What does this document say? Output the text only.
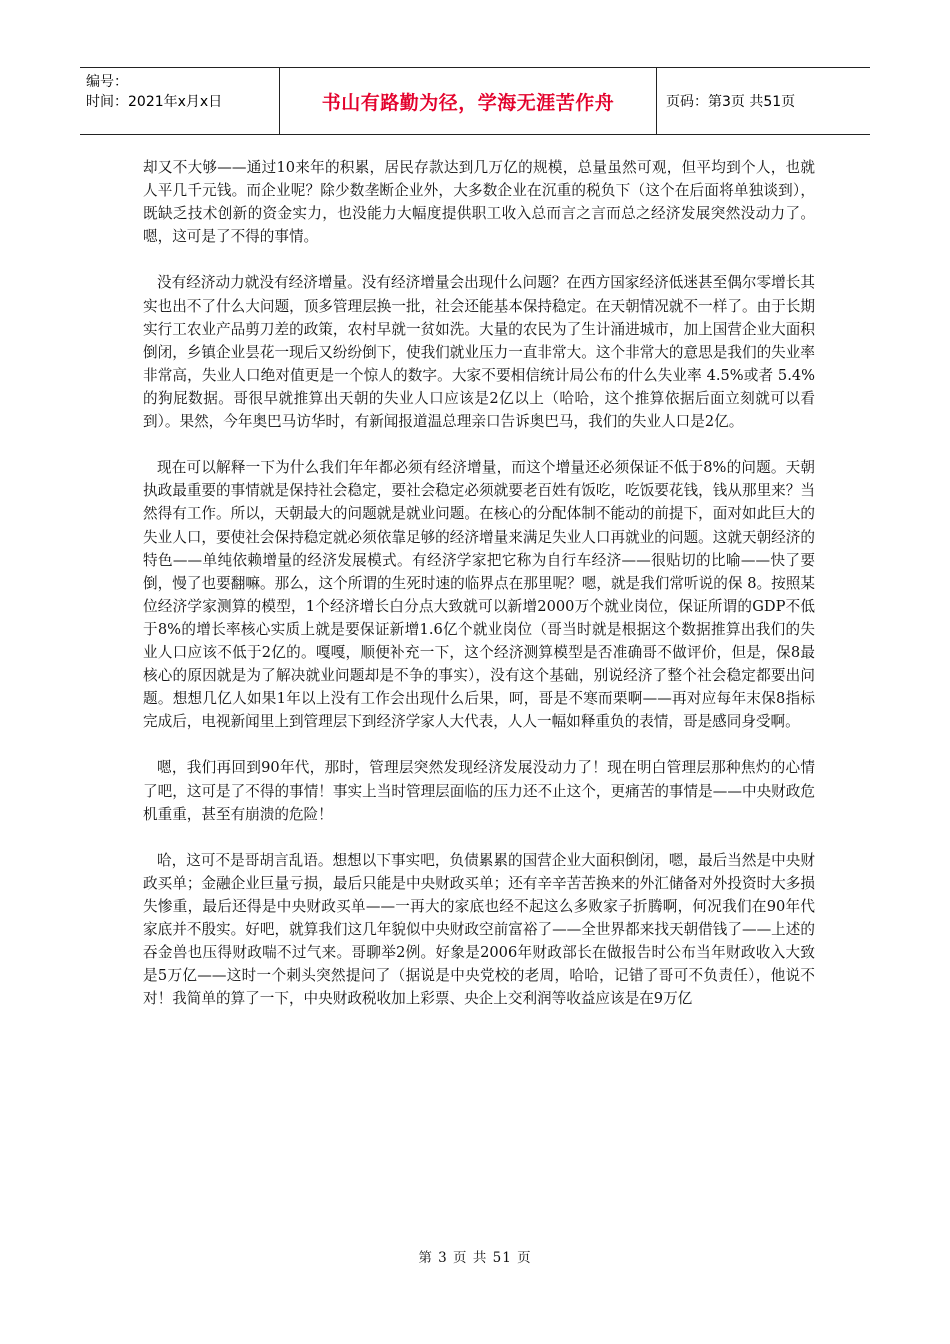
编号：
时间：2021年x月x日	书山有路勤为径，学海无涯苦作舟	页码：第3页 共51页

却又不大够——通过10来年的积累，居民存款达到几万亿的规模，总量虽然可观，但平均到个人，也就人平几千元钱。而企业呢？除少数垄断企业外，大多数企业在沉重的税负下（这个在后面将单独谈到），既缺乏技术创新的资金实力，也没能力大幅度提供职工收入总而言之言而总之经济发展突然没动力了。嗯，这可是了不得的事情。

没有经济动力就没有经济增量。没有经济增量会出现什么问题？在西方国家经济低迷甚至偶尔零增长其实也出不了什么大问题，顶多管理层换一批，社会还能基本保持稳定。在天朝情况就不一样了。由于长期实行工农业产品剪刀差的政策，农村早就一贫如洗。大量的农民为了生计涌进城市，加上国营企业大面积倒闭，乡镇企业昙花一现后又纷纷倒下，使我们就业压力一直非常大。这个非常大的意思是我们的失业率非常高，失业人口绝对值更是一个惊人的数字。大家不要相信统计局公布的什么失业率 4.5%或者 5.4%的狗屁数据。哥很早就推算出天朝的失业人口应该是2亿以上（哈哈，这个推算依据后面立刻就可以看到）。果然，今年奥巴马访华时，有新闻报道温总理亲口告诉奥巴马，我们的失业人口是2亿。

现在可以解释一下为什么我们年年都必须有经济增量，而这个增量还必须保证不低于8%的问题。天朝执政最重要的事情就是保持社会稳定，要社会稳定必须就要老百姓有饭吃，吃饭要花钱，钱从那里来？当然得有工作。所以，天朝最大的问题就是就业问题。在核心的分配体制不能动的前提下，面对如此巨大的失业人口，要使社会保持稳定就必须依靠足够的经济增量来满足失业人口再就业的问题。这就天朝经济的特色——单纯依赖增量的经济发展模式。有经济学家把它称为自行车经济——很贴切的比喻——快了要倒，慢了也要翻嘛。那么，这个所谓的生死时速的临界点在那里呢？嗯，就是我们常听说的保 8。按照某位经济学家测算的模型，1个经济增长白分点大致就可以新增2000万个就业岗位，保证所谓的GDP不低于8%的增长率核心实质上就是要保证新增1.6亿个就业岗位（哥当时就是根据这个数据推算出我们的失业人口应该不低于2亿的。嘎嘎，顺便补充一下，这个经济测算模型是否准确哥不做评价，但是，保8最核心的原因就是为了解决就业问题却是不争的事实），没有这个基础，别说经济了整个社会稳定都要出问题。想想几亿人如果1年以上没有工作会出现什么后果，呵，哥是不寒而栗啊——再对应每年末保8指标完成后，电视新闻里上到管理层下到经济学家人大代表，人人一幅如释重负的表情，哥是感同身受啊。

嗯，我们再回到90年代，那时，管理层突然发现经济发展没动力了！现在明白管理层那种焦灼的心情了吧，这可是了不得的事情！事实上当时管理层面临的压力还不止这个，更痛苦的事情是——中央财政危机重重，甚至有崩溃的危险！

哈，这可不是哥胡言乱语。想想以下事实吧，负债累累的国营企业大面积倒闭，嗯，最后当然是中央财政买单；金融企业巨量亏损，最后只能是中央财政买单；还有辛辛苦苦换来的外汇储备对外投资时大多损失惨重，最后还得是中央财政买单——一再大的家底也经不起这么多败家子折腾啊，何况我们在90年代家底并不殷实。好吧，就算我们这几年貌似中央财政空前富裕了——全世界都来找天朝借钱了——上述的吞金兽也压得财政喘不过气来。哥聊举2例。好象是2006年财政部长在做报告时公布当年财政收入大致是5万亿——这时一个刺头突然提问了（据说是中央党校的老周，哈哈，记错了哥可不负责任），他说不对！我简单的算了一下，中央财政税收加上彩票、央企上交利润等收益应该是在9万亿

第 3 页 共 51 页
